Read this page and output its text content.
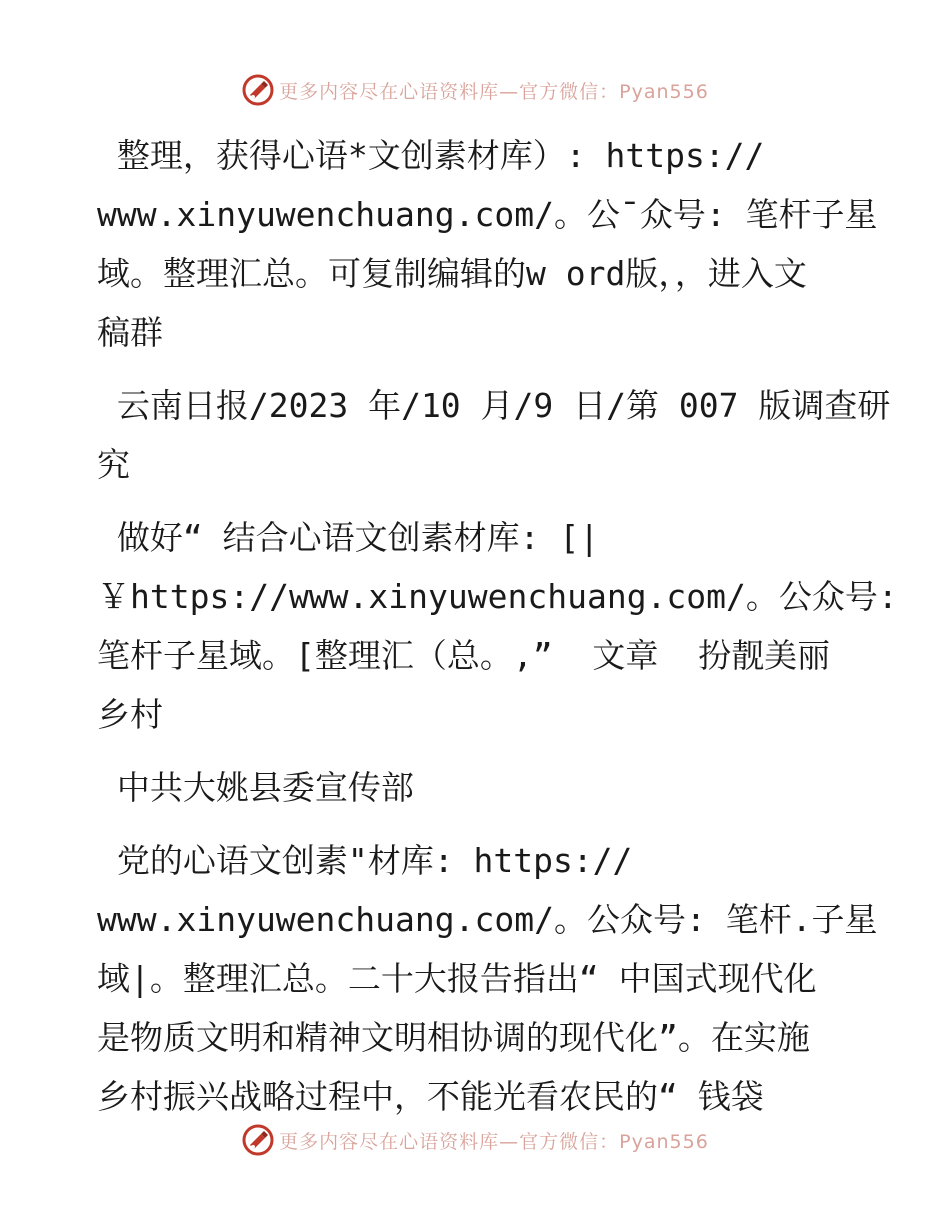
更多内容尽在心语资料库—官方微信：Pyan556
整理，获得心语*文创素材库）: https://
www.xinyuwenchuang.com/。公¯众号: 笔杆子星
域。整理汇总。可复制编辑的w ord版，，进入文
稿群
云南日报/2023 年/10 月/9 日/第 007 版调查研
究
做好“ 结合心语文创素材库: [|
￥https://www.xinyuwenchuang.com/。公众号:
笔杆子星域。[整理汇（总。,”  文章  扮靓美丽
乡村
中共大姚县委宣传部
党的心语文创素"材库: https://
www.xinyuwenchuang.com/。公众号: 笔杆.子星
域|。整理汇总。二十大报告指出“ 中国式现代化
是物质文明和精神文明相协调的现代化”。在实施
乡村振兴战略过程中，不能光看农民的“ 钱袋
更多内容尽在心语资料库—官方微信：Pyan556
